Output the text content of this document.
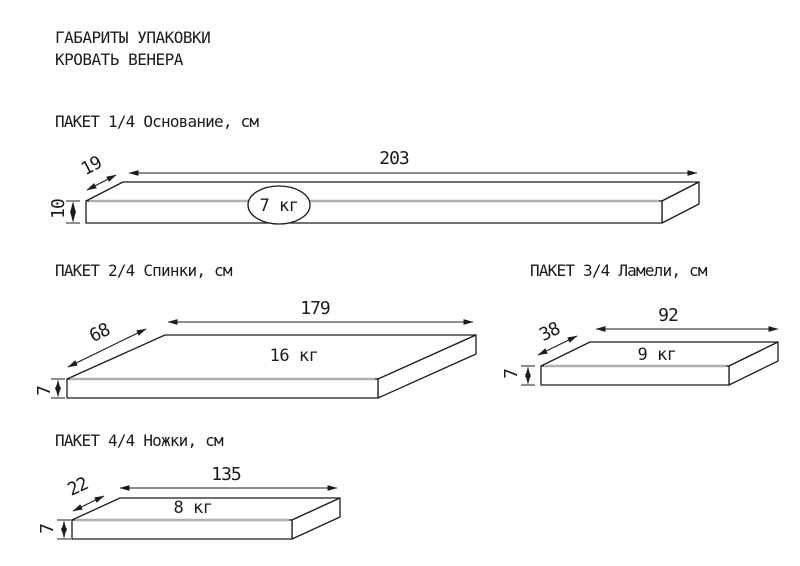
ГАБАРИТЫ УПАКОВКИ
КРОВАТЬ ВЕНЕРА
ПАКЕТ 1/4 Основание, см
203
19
10	7 кг
ПАКЕТ 2/4 Спинки, см
179
68
7
16 кг
ПАКЕТ 3/4 Ламели, см
92
38
7
9 кг
ПАКЕТ 4/4 Ножки, см
135
22
7
8 кг
